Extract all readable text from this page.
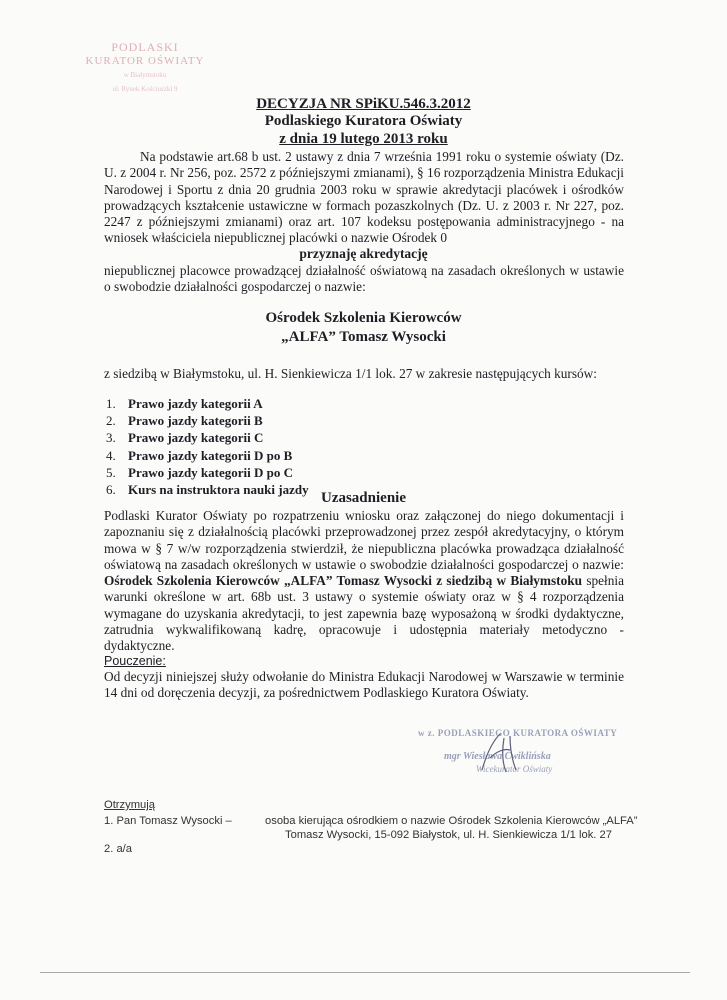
PODLASKI
KURATOR OŚWIATY
w Białymstoku
ul. Rynek Kościuszki 9
DECYZJA NR SPiKU.546.3.2012
Podlaskiego Kuratora Oświaty
z dnia 19 lutego 2013 roku
Na podstawie art.68 b ust. 2 ustawy z dnia 7 września 1991 roku o systemie oświaty (Dz. U. z 2004 r. Nr 256, poz. 2572 z późniejszymi zmianami), § 16 rozporządzenia Ministra Edukacji Narodowej i Sportu z dnia 20 grudnia 2003 roku w sprawie akredytacji placówek i ośrodków prowadzących kształcenie ustawiczne w formach pozaszkolnych (Dz. U. z 2003 r. Nr 227, poz. 2247 z późniejszymi zmianami) oraz art. 107 kodeksu postępowania administracyjnego - na wniosek właściciela niepublicznej placówki o nazwie Ośrodek 0
przyznaję akredytację
niepublicznej placowce prowadzącej działalność oświatową na zasadach określonych w ustawie o swobodzie działalności gospodarczej o nazwie:
Ośrodek Szkolenia Kierowców
„ALFA” Tomasz Wysocki
z siedzibą w Białymstoku, ul. H. Sienkiewicza 1/1 lok. 27 w zakresie następujących kursów:
1. Prawo jazdy kategorii A
2. Prawo jazdy kategorii B
3. Prawo jazdy kategorii C
4. Prawo jazdy kategorii D po B
5. Prawo jazdy kategorii D po C
6. Kurs na instruktora nauki jazdy
Uzasadnienie
Podlaski Kurator Oświaty po rozpatrzeniu wniosku oraz załączonej do niego dokumentacji i zapoznaniu się z działalnością placówki przeprowadzonej przez zespół akredytacyjny, o którym mowa w § 7 w/w rozporządzenia stwierdził, że niepubliczna placówka prowadząca działalność oświatową na zasadach określonych w ustawie o swobodzie działalności gospodarczej o nazwie: Ośrodek Szkolenia Kierowców „ALFA” Tomasz Wysocki z siedzibą w Białymstoku spełnia warunki określone w art. 68b ust. 3 ustawy o systemie oświaty oraz w § 4 rozporządzenia wymagane do uzyskania akredytacji, to jest zapewnia bazę wyposażoną w środki dydaktyczne, zatrudnia wykwalifikowaną kadrę, opracowuje i udostępnia materiały metodyczno - dydaktyczne.
Pouczenie:
Od decyzji niniejszej służy odwołanie do Ministra Edukacji Narodowej w Warszawie w terminie 14 dni od doręczenia decyzji, za pośrednictwem Podlaskiego Kuratora Oświaty.
w z. PODLASKIEGO KURATORA OŚWIATY
mgr Wiesława Ćwiklińska
Wicekurator Oświaty
Otrzymują
1. Pan Tomasz Wysocki –	osoba kierująca ośrodkiem o nazwie Ośrodek Szkolenia Kierowców „ALFA”
Tomasz Wysocki, 15-092 Białystok, ul. H. Sienkiewicza 1/1 lok. 27
2. a/a
